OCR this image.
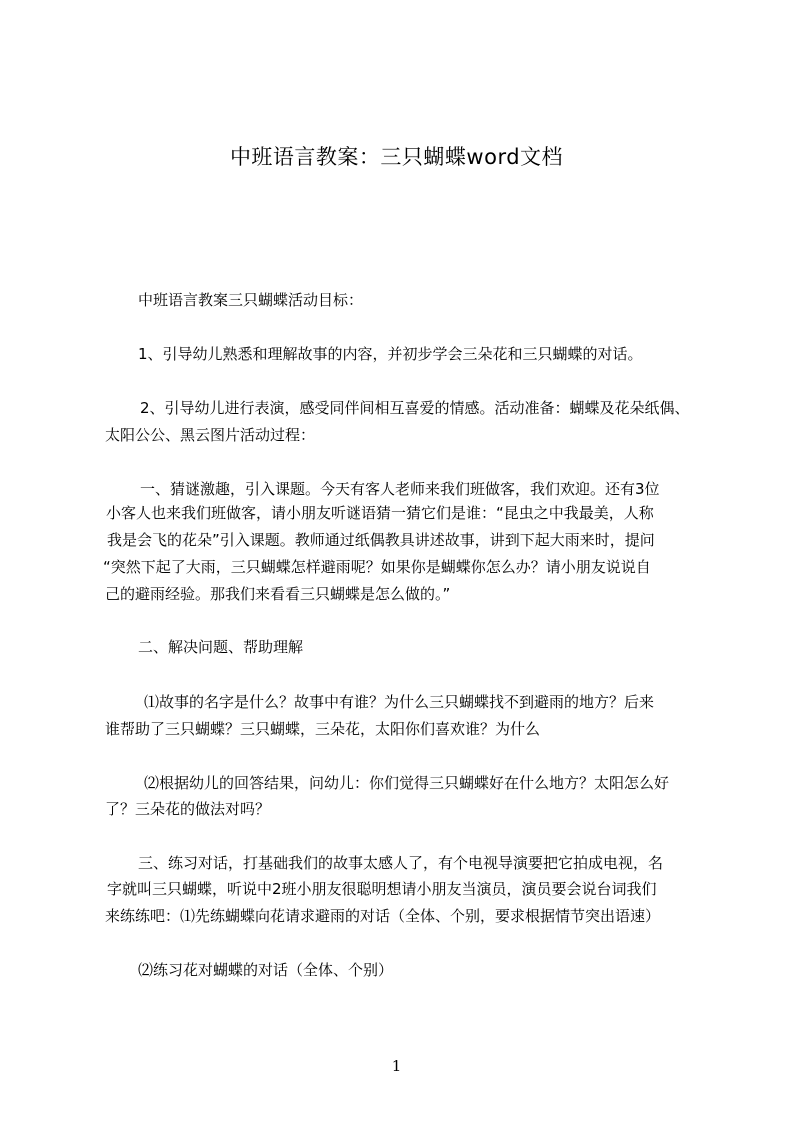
中班语言教案：三只蝴蝶word文档
中班语言教案三只蝴蝶活动目标：
1、引导幼儿熟悉和理解故事的内容，并初步学会三朵花和三只蝴蝶的对话。
2、引导幼儿进行表演，感受同伴间相互喜爱的情感。活动准备：蝴蝶及花朵纸偶、
太阳公公、黑云图片活动过程：
一、猜谜激趣，引入课题。今天有客人老师来我们班做客，我们欢迎。还有3位
小客人也来我们班做客，请小朋友听谜语猜一猜它们是谁：“昆虫之中我最美，人称
我是会飞的花朵”引入课题。教师通过纸偶教具讲述故事，讲到下起大雨来时，提问
“突然下起了大雨，三只蝴蝶怎样避雨呢？如果你是蝴蝶你怎么办？请小朋友说说自
己的避雨经验。那我们来看看三只蝴蝶是怎么做的。”
二、解决问题、帮助理解
⑴故事的名字是什么？故事中有谁？为什么三只蝴蝶找不到避雨的地方？后来
谁帮助了三只蝴蝶？三只蝴蝶，三朵花，太阳你们喜欢谁？为什么
⑵根据幼儿的回答结果，问幼儿：你们觉得三只蝴蝶好在什么地方？太阳怎么好
了？三朵花的做法对吗？
三、练习对话，打基础我们的故事太感人了，有个电视导演要把它拍成电视，名
字就叫三只蝴蝶，听说中2班小朋友很聪明想请小朋友当演员，演员要会说台词我们
来练练吧：⑴先练蝴蝶向花请求避雨的对话（全体、个别，要求根据情节突出语速）
⑵练习花对蝴蝶的对话（全体、个别）
1
